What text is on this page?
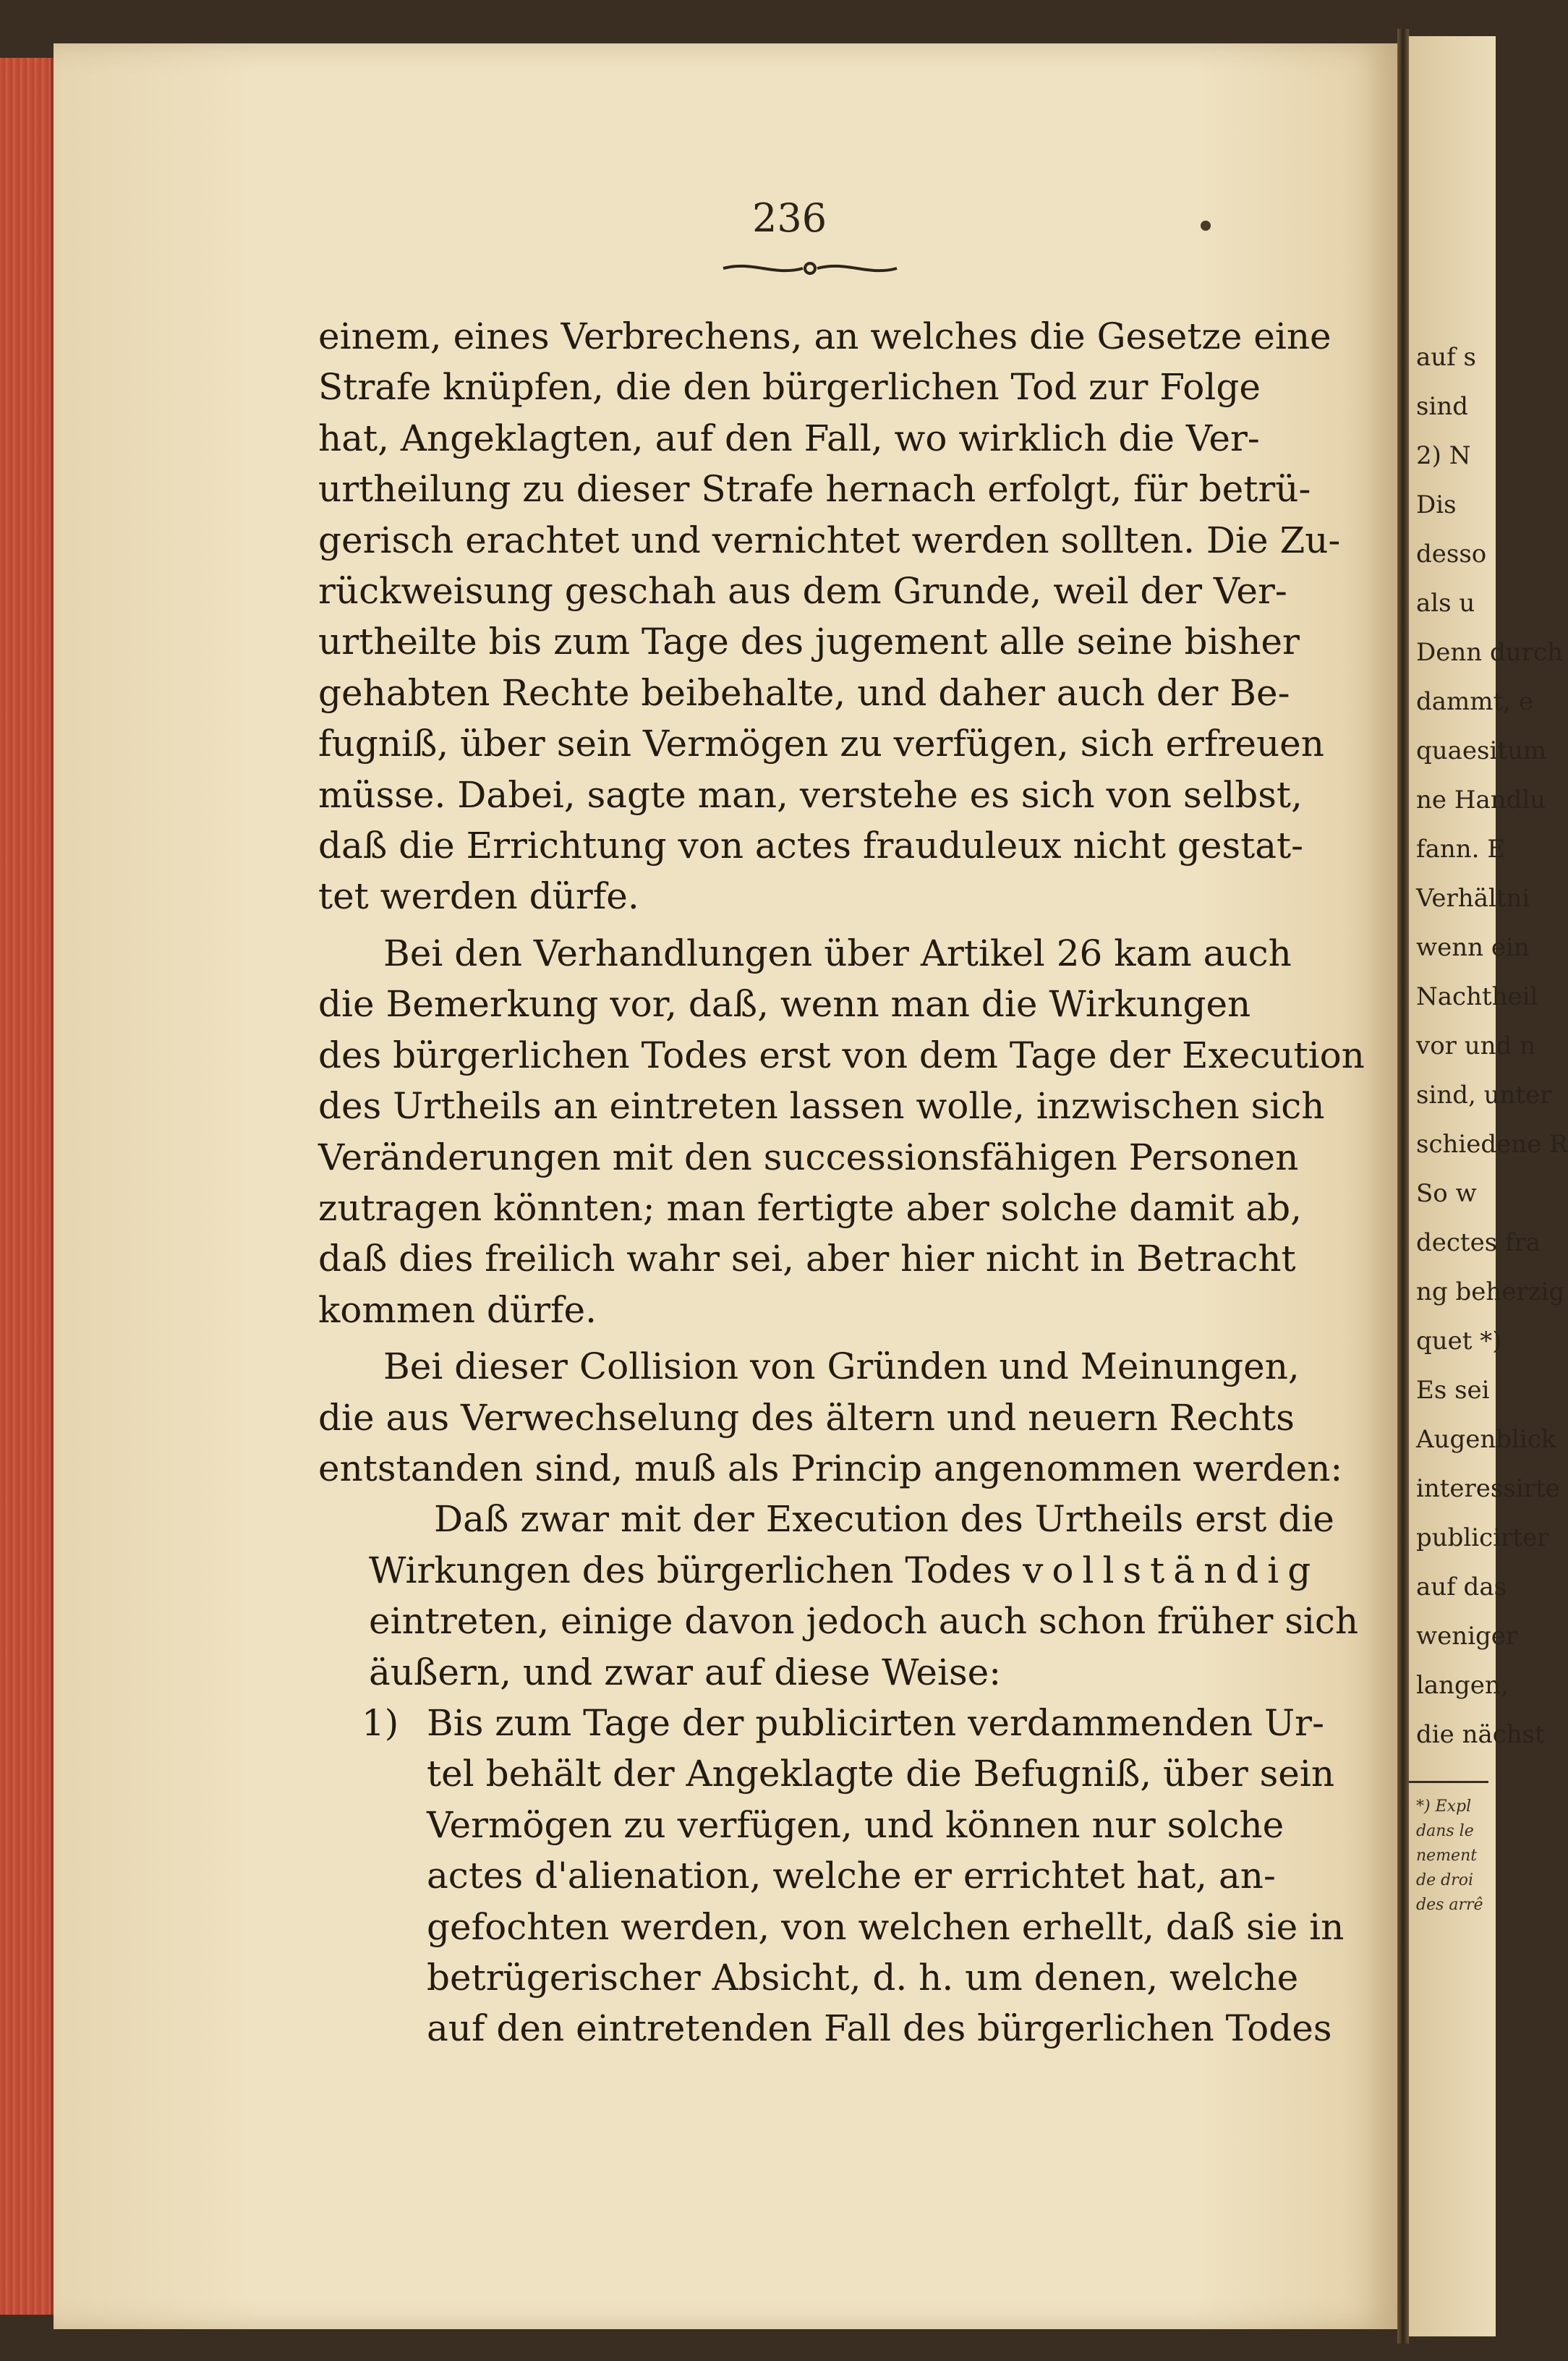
auf s
sind
2) N
Dis
desso
als u
Denn durch
dammt, e
quaesitum
ne Handlu
fann. E
Verhältni
wenn ein
Nachtheil
vor und n
sind, unter
schiedene R
So w
dectes fra
ng beherzig
quet *)
Es sei
Augenblick
interessirte
publicirter
auf das
weniger
langen,
die nächst
*) Expl
dans le
nement
de droi
des arrê
236
einem, eines Verbrechens, an welches die Gesetze eine
Strafe knüpfen, die den bürgerlichen Tod zur Folge
hat, Angeklagten, auf den Fall, wo wirklich die Ver-
urtheilung zu dieser Strafe hernach erfolgt, für betrü-
gerisch erachtet und vernichtet werden sollten. Die Zu-
rückweisung geschah aus dem Grunde, weil der Ver-
urtheilte bis zum Tage des jugement alle seine bisher
gehabten Rechte beibehalte, und daher auch der Be-
fugniß, über sein Vermögen zu verfügen, sich erfreuen
müsse. Dabei, sagte man, verstehe es sich von selbst,
daß die Errichtung von actes frauduleux nicht gestat-
tet werden dürfe.
Bei den Verhandlungen über Artikel 26 kam auch
die Bemerkung vor, daß, wenn man die Wirkungen
des bürgerlichen Todes erst von dem Tage der Execution
des Urtheils an eintreten lassen wolle, inzwischen sich
Veränderungen mit den successionsfähigen Personen
zutragen könnten; man fertigte aber solche damit ab,
daß dies freilich wahr sei, aber hier nicht in Betracht
kommen dürfe.
Bei dieser Collision von Gründen und Meinungen,
die aus Verwechselung des ältern und neuern Rechts
entstanden sind, muß als Princip angenommen werden:
Daß zwar mit der Execution des Urtheils erst die
Wirkungen des bürgerlichen Todes vollständig
eintreten, einige davon jedoch auch schon früher sich
äußern, und zwar auf diese Weise:
1) Bis zum Tage der publicirten verdammenden Ur-
tel behält der Angeklagte die Befugniß, über sein
Vermögen zu verfügen, und können nur solche
actes d'alienation, welche er errichtet hat, an-
gefochten werden, von welchen erhellt, daß sie in
betrügerischer Absicht, d. h. um denen, welche
auf den eintretenden Fall des bürgerlichen Todes
